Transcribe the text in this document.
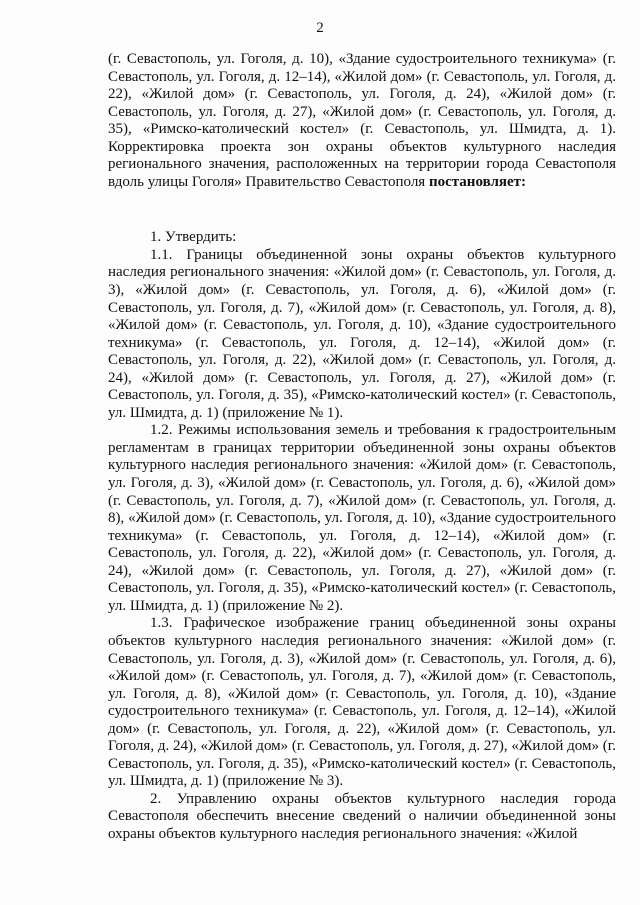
2

(г. Севастополь, ул. Гоголя, д. 10), «Здание судостроительного техникума» (г. Севастополь, ул. Гоголя, д. 12–14), «Жилой дом» (г. Севастополь, ул. Гоголя, д. 22), «Жилой дом» (г. Севастополь, ул. Гоголя, д. 24), «Жилой дом» (г. Севастополь, ул. Гоголя, д. 27), «Жилой дом» (г. Севастополь, ул. Гоголя, д. 35), «Римско-католический костел» (г. Севастополь, ул. Шмидта, д. 1). Корректировка проекта зон охраны объектов культурного наследия регионального значения, расположенных на территории города Севастополя вдоль улицы Гоголя» Правительство Севастополя постановляет:

1. Утвердить:

1.1. Границы объединенной зоны охраны объектов культурного наследия регионального значения: «Жилой дом» (г. Севастополь, ул. Гоголя, д. 3), «Жилой дом» (г. Севастополь, ул. Гоголя, д. 6), «Жилой дом» (г. Севастополь, ул. Гоголя, д. 7), «Жилой дом» (г. Севастополь, ул. Гоголя, д. 8), «Жилой дом» (г. Севастополь, ул. Гоголя, д. 10), «Здание судостроительного техникума» (г. Севастополь, ул. Гоголя, д. 12–14), «Жилой дом» (г. Севастополь, ул. Гоголя, д. 22), «Жилой дом» (г. Севастополь, ул. Гоголя, д. 24), «Жилой дом» (г. Севастополь, ул. Гоголя, д. 27), «Жилой дом» (г. Севастополь, ул. Гоголя, д. 35), «Римско-католический костел» (г. Севастополь, ул. Шмидта, д. 1) (приложение № 1).

1.2. Режимы использования земель и требования к градостроительным регламентам в границах территории объединенной зоны охраны объектов культурного наследия регионального значения: «Жилой дом» (г. Севастополь, ул. Гоголя, д. 3), «Жилой дом» (г. Севастополь, ул. Гоголя, д. 6), «Жилой дом» (г. Севастополь, ул. Гоголя, д. 7), «Жилой дом» (г. Севастополь, ул. Гоголя, д. 8), «Жилой дом» (г. Севастополь, ул. Гоголя, д. 10), «Здание судостроительного техникума» (г. Севастополь, ул. Гоголя, д. 12–14), «Жилой дом» (г. Севастополь, ул. Гоголя, д. 22), «Жилой дом» (г. Севастополь, ул. Гоголя, д. 24), «Жилой дом» (г. Севастополь, ул. Гоголя, д. 27), «Жилой дом» (г. Севастополь, ул. Гоголя, д. 35), «Римско-католический костел» (г. Севастополь, ул. Шмидта, д. 1) (приложение № 2).

1.3. Графическое изображение границ объединенной зоны охраны объектов культурного наследия регионального значения: «Жилой дом» (г. Севастополь, ул. Гоголя, д. 3), «Жилой дом» (г. Севастополь, ул. Гоголя, д. 6), «Жилой дом» (г. Севастополь, ул. Гоголя, д. 7), «Жилой дом» (г. Севастополь, ул. Гоголя, д. 8), «Жилой дом» (г. Севастополь, ул. Гоголя, д. 10), «Здание судостроительного техникума» (г. Севастополь, ул. Гоголя, д. 12–14), «Жилой дом» (г. Севастополь, ул. Гоголя, д. 22), «Жилой дом» (г. Севастополь, ул. Гоголя, д. 24), «Жилой дом» (г. Севастополь, ул. Гоголя, д. 27), «Жилой дом» (г. Севастополь, ул. Гоголя, д. 35), «Римско-католический костел» (г. Севастополь, ул. Шмидта, д. 1) (приложение № 3).

2. Управлению охраны объектов культурного наследия города Севастополя обеспечить внесение сведений о наличии объединенной зоны охраны объектов культурного наследия регионального значения: «Жилой
